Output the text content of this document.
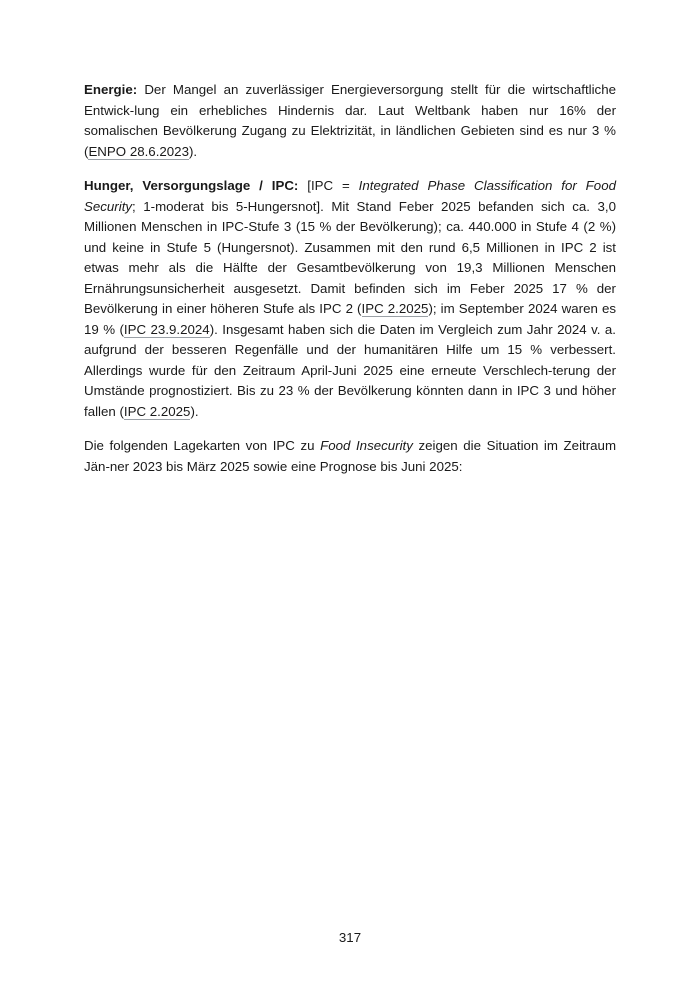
Energie: Der Mangel an zuverlässiger Energieversorgung stellt für die wirtschaftliche Entwick-lung ein erhebliches Hindernis dar. Laut Weltbank haben nur 16% der somalischen Bevölkerung Zugang zu Elektrizität, in ländlichen Gebieten sind es nur 3 % (ENPO 28.6.2023).

Hunger, Versorgungslage / IPC: [IPC = Integrated Phase Classification for Food Security; 1-moderat bis 5-Hungersnot]. Mit Stand Feber 2025 befanden sich ca. 3,0 Millionen Menschen in IPC-Stufe 3 (15 % der Bevölkerung); ca. 440.000 in Stufe 4 (2 %) und keine in Stufe 5 (Hungersnot). Zusammen mit den rund 6,5 Millionen in IPC 2 ist etwas mehr als die Hälfte der Gesamtbevölkerung von 19,3 Millionen Menschen Ernährungsunsicherheit ausgesetzt. Damit befinden sich im Feber 2025 17 % der Bevölkerung in einer höheren Stufe als IPC 2 (IPC 2.2025); im September 2024 waren es 19 % (IPC 23.9.2024). Insgesamt haben sich die Daten im Vergleich zum Jahr 2024 v. a. aufgrund der besseren Regenfälle und der humanitären Hilfe um 15 % verbessert. Allerdings wurde für den Zeitraum April-Juni 2025 eine erneute Verschlech-terung der Umstände prognostiziert. Bis zu 23 % der Bevölkerung könnten dann in IPC 3 und höher fallen (IPC 2.2025).

Die folgenden Lagekarten von IPC zu Food Insecurity zeigen die Situation im Zeitraum Jän-ner 2023 bis März 2025 sowie eine Prognose bis Juni 2025:

317
